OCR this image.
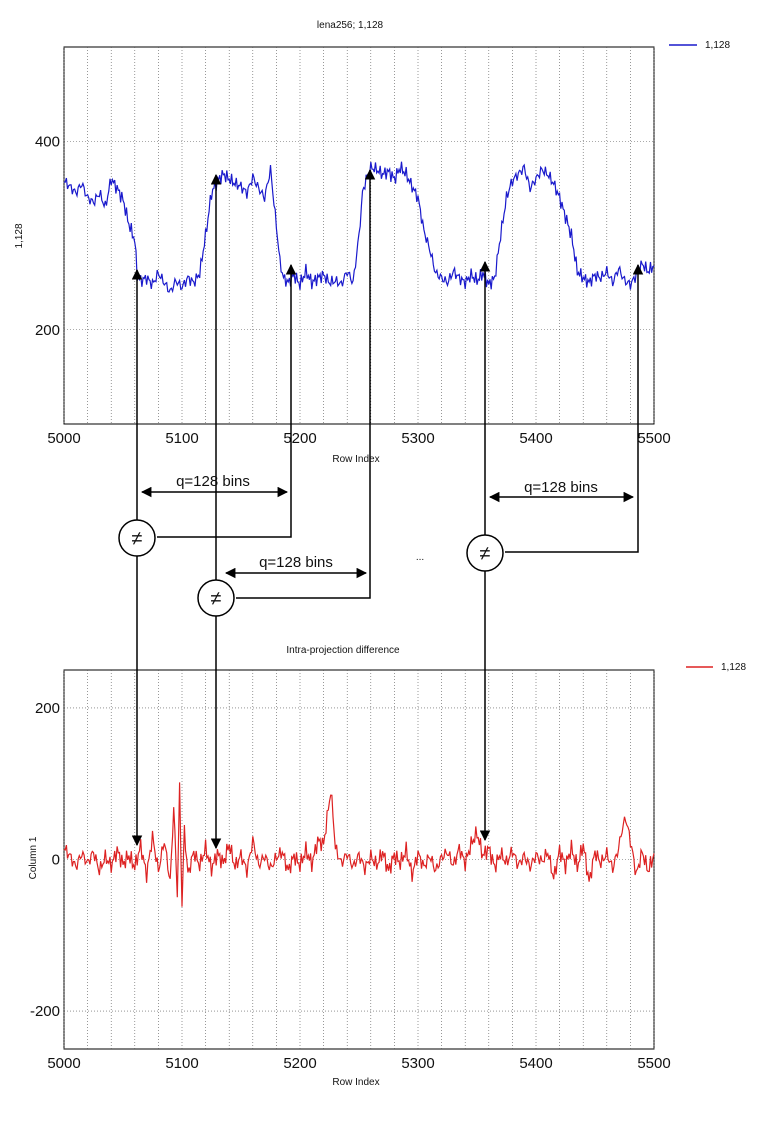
lena256; 1,128
5000	5100	5200	5300	5400	5500
200
400
Row Index
1,128
1,128
Intra-projection difference
5000	5100	5200	5300	5400	5500
-200
0
200
Row Index
Column 1
1,128
q=128 bins
q=128 bins
q=128 bins
...
≠
≠
≠
